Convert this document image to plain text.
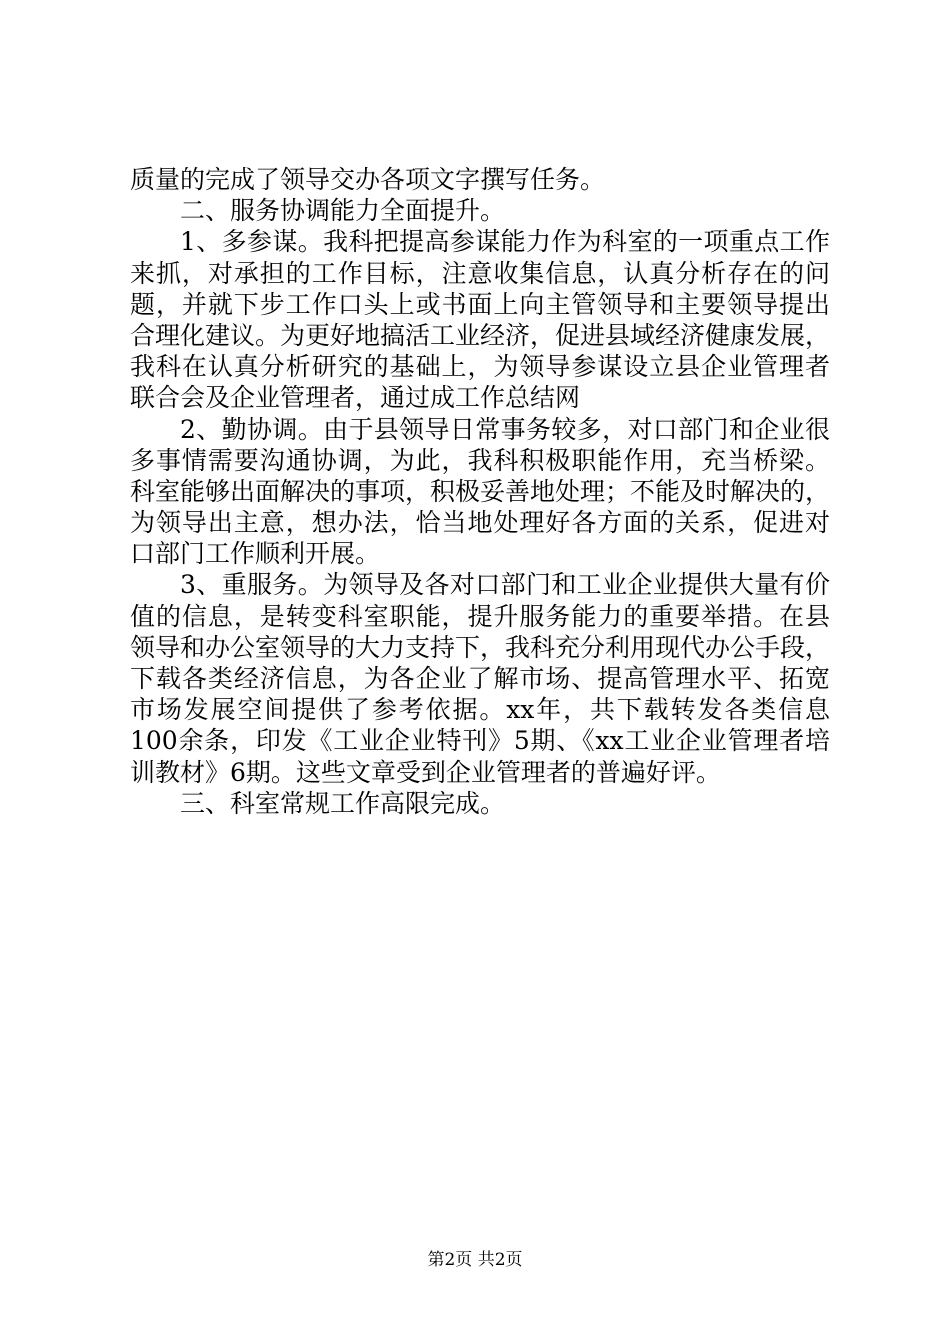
质量的完成了领导交办各项文字撰写任务。
二、服务协调能力全面提升。
1、多参谋。我科把提高参谋能力作为科室的一项重点工作
来抓，对承担的工作目标，注意收集信息，认真分析存在的问
题，并就下步工作口头上或书面上向主管领导和主要领导提出
合理化建议。为更好地搞活工业经济，促进县域经济健康发展，
我科在认真分析研究的基础上，为领导参谋设立县企业管理者
联合会及企业管理者，通过成工作总结网
2、勤协调。由于县领导日常事务较多，对口部门和企业很
多事情需要沟通协调，为此，我科积极职能作用，充当桥梁。
科室能够出面解决的事项，积极妥善地处理；不能及时解决的，
为领导出主意，想办法，恰当地处理好各方面的关系，促进对
口部门工作顺利开展。
3、重服务。为领导及各对口部门和工业企业提供大量有价
值的信息，是转变科室职能，提升服务能力的重要举措。在县
领导和办公室领导的大力支持下，我科充分利用现代办公手段，
下载各类经济信息，为各企业了解市场、提高管理水平、拓宽
市场发展空间提供了参考依据。xx年，共下载转发各类信息
100余条，印发《工业企业特刊》5期、《xx工业企业管理者培
训教材》6期。这些文章受到企业管理者的普遍好评。
三、科室常规工作高限完成。
第2页 共2页
